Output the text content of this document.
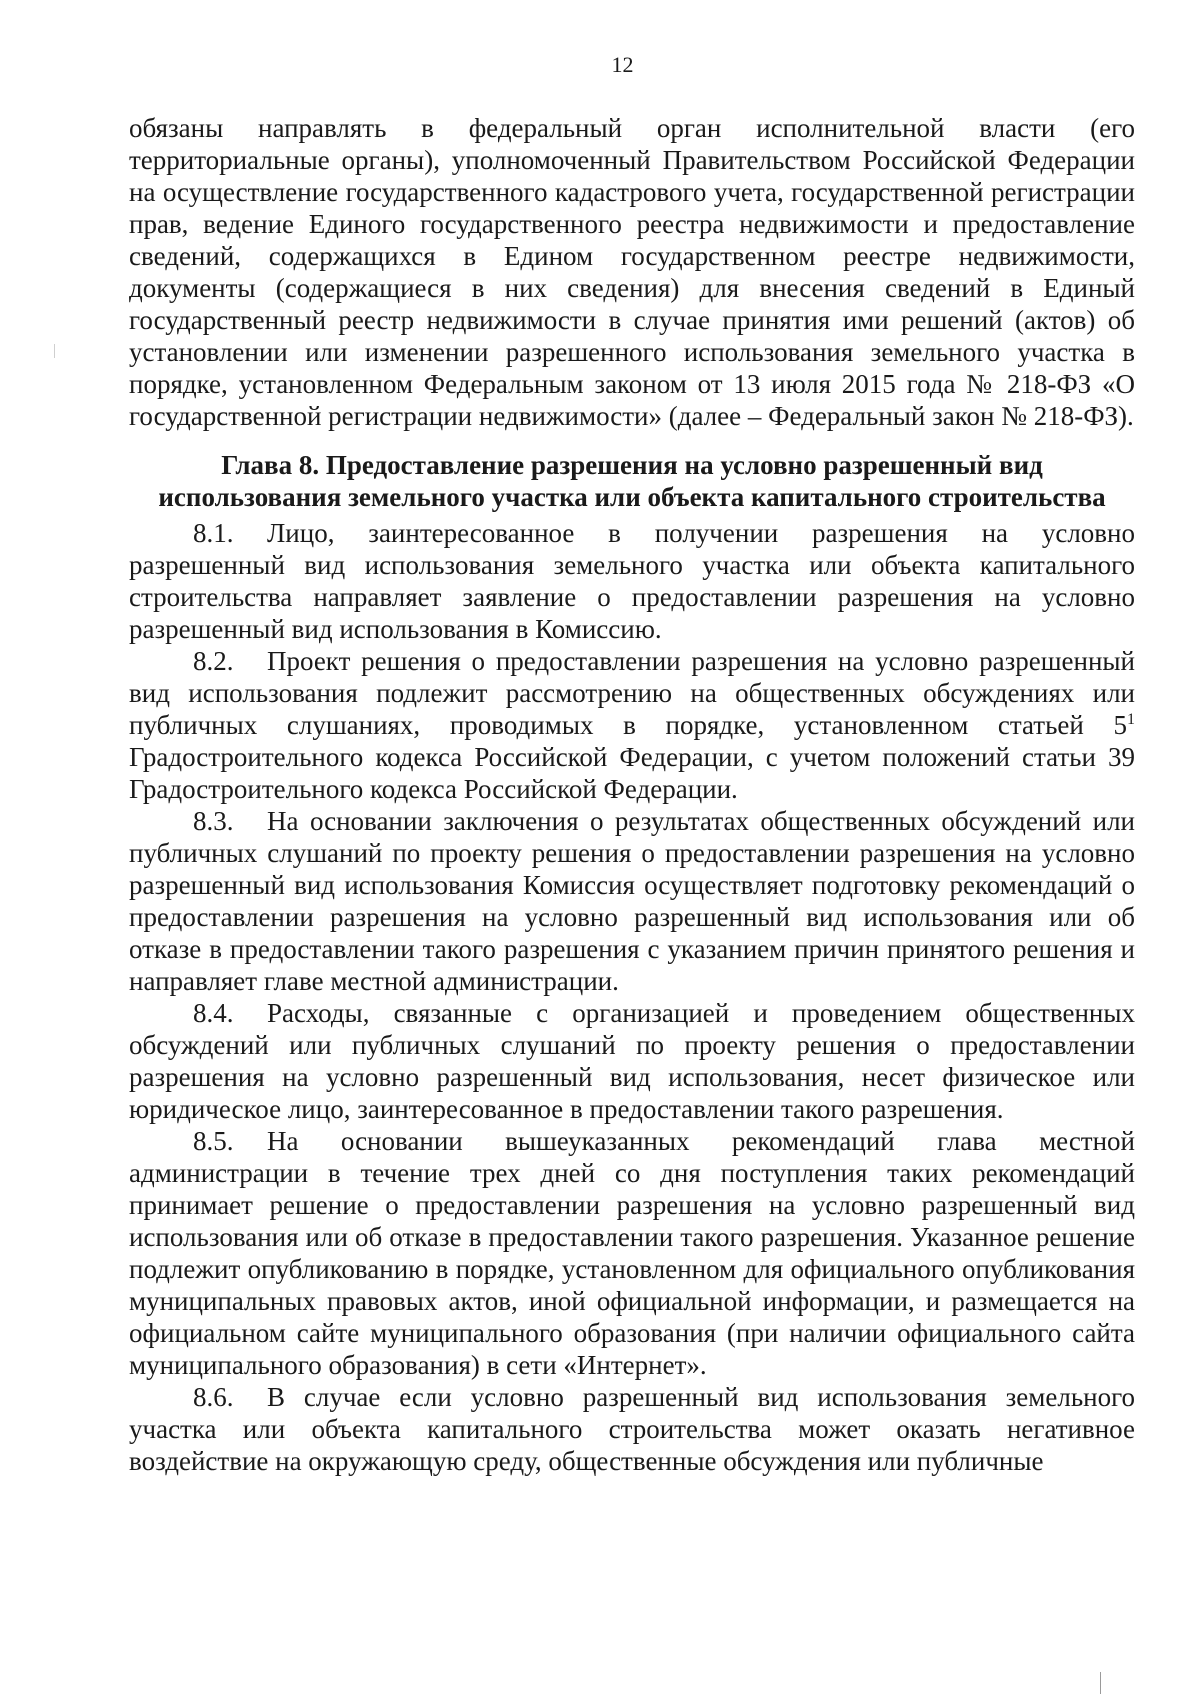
12

обязаны направлять в федеральный орган исполнительной власти (его территориальные органы), уполномоченный Правительством Российской Федерации на осуществление государственного кадастрового учета, государственной регистрации прав, ведение Единого государственного реестра недвижимости и предоставление сведений, содержащихся в Едином государственном реестре недвижимости, документы (содержащиеся в них сведения) для внесения сведений в Единый государственный реестр недвижимости в случае принятия ими решений (актов) об установлении или изменении разрешенного использования земельного участка в порядке, установленном Федеральным законом от 13 июля 2015 года № 218-ФЗ «О государственной регистрации недвижимости» (далее – Федеральный закон № 218-ФЗ).

Глава 8. Предоставление разрешения на условно разрешенный вид использования земельного участка или объекта капитального строительства

8.1. Лицо, заинтересованное в получении разрешения на условно разрешенный вид использования земельного участка или объекта капитального строительства направляет заявление о предоставлении разрешения на условно разрешенный вид использования в Комиссию.

8.2. Проект решения о предоставлении разрешения на условно разрешенный вид использования подлежит рассмотрению на общественных обсуждениях или публичных слушаниях, проводимых в порядке, установленном статьей $5^1$ Градостроительного кодекса Российской Федерации, с учетом положений статьи 39 Градостроительного кодекса Российской Федерации.

8.3. На основании заключения о результатах общественных обсуждений или публичных слушаний по проекту решения о предоставлении разрешения на условно разрешенный вид использования Комиссия осуществляет подготовку рекомендаций о предоставлении разрешения на условно разрешенный вид использования или об отказе в предоставлении такого разрешения с указанием причин принятого решения и направляет главе местной администрации.

8.4. Расходы, связанные с организацией и проведением общественных обсуждений или публичных слушаний по проекту решения о предоставлении разрешения на условно разрешенный вид использования, несет физическое или юридическое лицо, заинтересованное в предоставлении такого разрешения.

8.5. На основании вышеуказанных рекомендаций глава местной администрации в течение трех дней со дня поступления таких рекомендаций принимает решение о предоставлении разрешения на условно разрешенный вид использования или об отказе в предоставлении такого разрешения. Указанное решение подлежит опубликованию в порядке, установленном для официального опубликования муниципальных правовых актов, иной официальной информации, и размещается на официальном сайте муниципального образования (при наличии официального сайта муниципального образования) в сети «Интернет».

8.6. В случае если условно разрешенный вид использования земельного участка или объекта капитального строительства может оказать негативное воздействие на окружающую среду, общественные обсуждения или публичные
